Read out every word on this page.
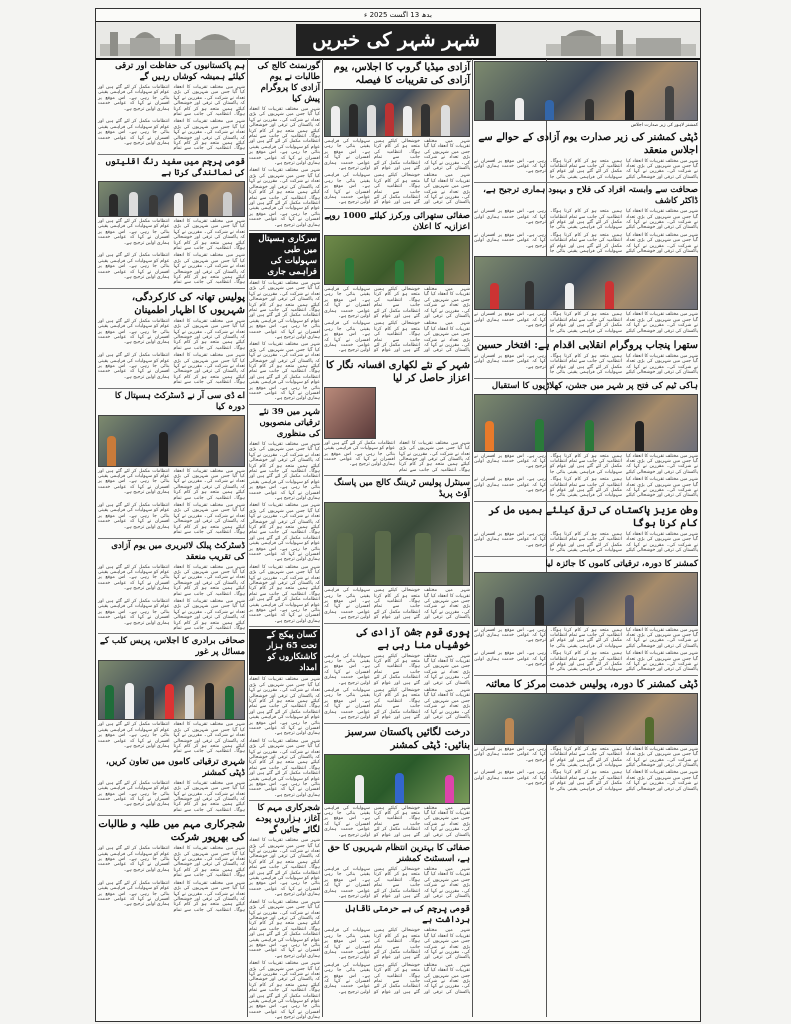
بدھ 13 اگست 2025 ء
شہر شہر کی خبریں
ہم پاکستانیوں کی حفاظت اور ترقی کیلئے ہمیشہ کوشاں رہیں گے
شہر میں مختلف تقریبات کا انعقاد کیا گیا جس میں شہریوں کی بڑی تعداد نے شرکت کی۔ مقررین نے کہا کہ پاکستان کی ترقی اور خوشحالی کیلئے ہمیں متحد ہو کر کام کرنا ہوگا۔ انتظامیہ کی جانب سے تمام انتظامات مکمل کر لئے گئے ہیں اور عوام کو سہولیات کی فراہمی یقینی بنائی جا رہی ہے۔ اس موقع پر افسران نے کہا کہ عوامی خدمت ہماری اولین ترجیح ہے۔
شہر میں مختلف تقریبات کا انعقاد کیا گیا جس میں شہریوں کی بڑی تعداد نے شرکت کی۔ مقررین نے کہا کہ پاکستان کی ترقی اور خوشحالی کیلئے ہمیں متحد ہو کر کام کرنا ہوگا۔ انتظامیہ کی جانب سے تمام انتظامات مکمل کر لئے گئے ہیں اور عوام کو سہولیات کی فراہمی یقینی بنائی جا رہی ہے۔ اس موقع پر افسران نے کہا کہ عوامی خدمت ہماری اولین ترجیح ہے۔
قومی پرچم میں سفید رنگ اقلیتوں کی نمائندگی کرتا ہے
شہر میں مختلف تقریبات کا انعقاد کیا گیا جس میں شہریوں کی بڑی تعداد نے شرکت کی۔ مقررین نے کہا کہ پاکستان کی ترقی اور خوشحالی کیلئے ہمیں متحد ہو کر کام کرنا ہوگا۔ انتظامیہ کی جانب سے تمام انتظامات مکمل کر لئے گئے ہیں اور عوام کو سہولیات کی فراہمی یقینی بنائی جا رہی ہے۔ اس موقع پر افسران نے کہا کہ عوامی خدمت ہماری اولین ترجیح ہے۔
شہر میں مختلف تقریبات کا انعقاد کیا گیا جس میں شہریوں کی بڑی تعداد نے شرکت کی۔ مقررین نے کہا کہ پاکستان کی ترقی اور خوشحالی کیلئے ہمیں متحد ہو کر کام کرنا ہوگا۔ انتظامیہ کی جانب سے تمام انتظامات مکمل کر لئے گئے ہیں اور عوام کو سہولیات کی فراہمی یقینی بنائی جا رہی ہے۔ اس موقع پر افسران نے کہا کہ عوامی خدمت ہماری اولین ترجیح ہے۔
پولیس تھانہ کی کارکردگی، شہریوں کا اظہار اطمینان
شہر میں مختلف تقریبات کا انعقاد کیا گیا جس میں شہریوں کی بڑی تعداد نے شرکت کی۔ مقررین نے کہا کہ پاکستان کی ترقی اور خوشحالی کیلئے ہمیں متحد ہو کر کام کرنا ہوگا۔ انتظامیہ کی جانب سے تمام انتظامات مکمل کر لئے گئے ہیں اور عوام کو سہولیات کی فراہمی یقینی بنائی جا رہی ہے۔ اس موقع پر افسران نے کہا کہ عوامی خدمت ہماری اولین ترجیح ہے۔
شہر میں مختلف تقریبات کا انعقاد کیا گیا جس میں شہریوں کی بڑی تعداد نے شرکت کی۔ مقررین نے کہا کہ پاکستان کی ترقی اور خوشحالی کیلئے ہمیں متحد ہو کر کام کرنا ہوگا۔ انتظامیہ کی جانب سے تمام انتظامات مکمل کر لئے گئے ہیں اور عوام کو سہولیات کی فراہمی یقینی بنائی جا رہی ہے۔ اس موقع پر افسران نے کہا کہ عوامی خدمت ہماری اولین ترجیح ہے۔
اے ڈی سی آر نے ڈسٹرکٹ ہسپتال کا دورہ کیا
شہر میں مختلف تقریبات کا انعقاد کیا گیا جس میں شہریوں کی بڑی تعداد نے شرکت کی۔ مقررین نے کہا کہ پاکستان کی ترقی اور خوشحالی کیلئے ہمیں متحد ہو کر کام کرنا ہوگا۔ انتظامیہ کی جانب سے تمام انتظامات مکمل کر لئے گئے ہیں اور عوام کو سہولیات کی فراہمی یقینی بنائی جا رہی ہے۔ اس موقع پر افسران نے کہا کہ عوامی خدمت ہماری اولین ترجیح ہے۔
شہر میں مختلف تقریبات کا انعقاد کیا گیا جس میں شہریوں کی بڑی تعداد نے شرکت کی۔ مقررین نے کہا کہ پاکستان کی ترقی اور خوشحالی کیلئے ہمیں متحد ہو کر کام کرنا ہوگا۔ انتظامیہ کی جانب سے تمام انتظامات مکمل کر لئے گئے ہیں اور عوام کو سہولیات کی فراہمی یقینی بنائی جا رہی ہے۔ اس موقع پر افسران نے کہا کہ عوامی خدمت ہماری اولین ترجیح ہے۔
ڈسٹرکٹ پبلک لائبریری میں یوم آزادی کی تقریب منعقد
شہر میں مختلف تقریبات کا انعقاد کیا گیا جس میں شہریوں کی بڑی تعداد نے شرکت کی۔ مقررین نے کہا کہ پاکستان کی ترقی اور خوشحالی کیلئے ہمیں متحد ہو کر کام کرنا ہوگا۔ انتظامیہ کی جانب سے تمام انتظامات مکمل کر لئے گئے ہیں اور عوام کو سہولیات کی فراہمی یقینی بنائی جا رہی ہے۔ اس موقع پر افسران نے کہا کہ عوامی خدمت ہماری اولین ترجیح ہے۔
شہر میں مختلف تقریبات کا انعقاد کیا گیا جس میں شہریوں کی بڑی تعداد نے شرکت کی۔ مقررین نے کہا کہ پاکستان کی ترقی اور خوشحالی کیلئے ہمیں متحد ہو کر کام کرنا ہوگا۔ انتظامیہ کی جانب سے تمام انتظامات مکمل کر لئے گئے ہیں اور عوام کو سہولیات کی فراہمی یقینی بنائی جا رہی ہے۔ اس موقع پر افسران نے کہا کہ عوامی خدمت ہماری اولین ترجیح ہے۔
صحافی برادری کا اجلاس، پریس کلب کے مسائل پر غور
شہر میں مختلف تقریبات کا انعقاد کیا گیا جس میں شہریوں کی بڑی تعداد نے شرکت کی۔ مقررین نے کہا کہ پاکستان کی ترقی اور خوشحالی کیلئے ہمیں متحد ہو کر کام کرنا ہوگا۔ انتظامیہ کی جانب سے تمام انتظامات مکمل کر لئے گئے ہیں اور عوام کو سہولیات کی فراہمی یقینی بنائی جا رہی ہے۔ اس موقع پر افسران نے کہا کہ عوامی خدمت ہماری اولین ترجیح ہے۔
شہری ترقیاتی کاموں میں تعاون کریں، ڈپٹی کمشنر
شہر میں مختلف تقریبات کا انعقاد کیا گیا جس میں شہریوں کی بڑی تعداد نے شرکت کی۔ مقررین نے کہا کہ پاکستان کی ترقی اور خوشحالی کیلئے ہمیں متحد ہو کر کام کرنا ہوگا۔ انتظامیہ کی جانب سے تمام انتظامات مکمل کر لئے گئے ہیں اور عوام کو سہولیات کی فراہمی یقینی بنائی جا رہی ہے۔ اس موقع پر افسران نے کہا کہ عوامی خدمت ہماری اولین ترجیح ہے۔
شجرکاری مہم میں طلبہ و طالبات کی بھرپور شرکت
شہر میں مختلف تقریبات کا انعقاد کیا گیا جس میں شہریوں کی بڑی تعداد نے شرکت کی۔ مقررین نے کہا کہ پاکستان کی ترقی اور خوشحالی کیلئے ہمیں متحد ہو کر کام کرنا ہوگا۔ انتظامیہ کی جانب سے تمام انتظامات مکمل کر لئے گئے ہیں اور عوام کو سہولیات کی فراہمی یقینی بنائی جا رہی ہے۔ اس موقع پر افسران نے کہا کہ عوامی خدمت ہماری اولین ترجیح ہے۔
شہر میں مختلف تقریبات کا انعقاد کیا گیا جس میں شہریوں کی بڑی تعداد نے شرکت کی۔ مقررین نے کہا کہ پاکستان کی ترقی اور خوشحالی کیلئے ہمیں متحد ہو کر کام کرنا ہوگا۔ انتظامیہ کی جانب سے تمام انتظامات مکمل کر لئے گئے ہیں اور عوام کو سہولیات کی فراہمی یقینی بنائی جا رہی ہے۔ اس موقع پر افسران نے کہا کہ عوامی خدمت ہماری اولین ترجیح ہے۔
گورنمنٹ کالج کی طالبات نے یوم آزادی کا پروگرام پیش کیا
شہر میں مختلف تقریبات کا انعقاد کیا گیا جس میں شہریوں کی بڑی تعداد نے شرکت کی۔ مقررین نے کہا کہ پاکستان کی ترقی اور خوشحالی کیلئے ہمیں متحد ہو کر کام کرنا ہوگا۔ انتظامیہ کی جانب سے تمام انتظامات مکمل کر لئے گئے ہیں اور عوام کو سہولیات کی فراہمی یقینی بنائی جا رہی ہے۔ اس موقع پر افسران نے کہا کہ عوامی خدمت ہماری اولین ترجیح ہے۔
شہر میں مختلف تقریبات کا انعقاد کیا گیا جس میں شہریوں کی بڑی تعداد نے شرکت کی۔ مقررین نے کہا کہ پاکستان کی ترقی اور خوشحالی کیلئے ہمیں متحد ہو کر کام کرنا ہوگا۔ انتظامیہ کی جانب سے تمام انتظامات مکمل کر لئے گئے ہیں اور عوام کو سہولیات کی فراہمی یقینی بنائی جا رہی ہے۔ اس موقع پر افسران نے کہا کہ عوامی خدمت ہماری اولین ترجیح ہے۔
سرکاری ہسپتال میں طبی سہولیات کی فراہمی جاری
شہر میں مختلف تقریبات کا انعقاد کیا گیا جس میں شہریوں کی بڑی تعداد نے شرکت کی۔ مقررین نے کہا کہ پاکستان کی ترقی اور خوشحالی کیلئے ہمیں متحد ہو کر کام کرنا ہوگا۔ انتظامیہ کی جانب سے تمام انتظامات مکمل کر لئے گئے ہیں اور عوام کو سہولیات کی فراہمی یقینی بنائی جا رہی ہے۔ اس موقع پر افسران نے کہا کہ عوامی خدمت ہماری اولین ترجیح ہے۔
شہر میں مختلف تقریبات کا انعقاد کیا گیا جس میں شہریوں کی بڑی تعداد نے شرکت کی۔ مقررین نے کہا کہ پاکستان کی ترقی اور خوشحالی کیلئے ہمیں متحد ہو کر کام کرنا ہوگا۔ انتظامیہ کی جانب سے تمام انتظامات مکمل کر لئے گئے ہیں اور عوام کو سہولیات کی فراہمی یقینی بنائی جا رہی ہے۔ اس موقع پر افسران نے کہا کہ عوامی خدمت ہماری اولین ترجیح ہے۔
شہر میں 39 نئے ترقیاتی منصوبوں کی منظوری
شہر میں مختلف تقریبات کا انعقاد کیا گیا جس میں شہریوں کی بڑی تعداد نے شرکت کی۔ مقررین نے کہا کہ پاکستان کی ترقی اور خوشحالی کیلئے ہمیں متحد ہو کر کام کرنا ہوگا۔ انتظامیہ کی جانب سے تمام انتظامات مکمل کر لئے گئے ہیں اور عوام کو سہولیات کی فراہمی یقینی بنائی جا رہی ہے۔ اس موقع پر افسران نے کہا کہ عوامی خدمت ہماری اولین ترجیح ہے۔
شہر میں مختلف تقریبات کا انعقاد کیا گیا جس میں شہریوں کی بڑی تعداد نے شرکت کی۔ مقررین نے کہا کہ پاکستان کی ترقی اور خوشحالی کیلئے ہمیں متحد ہو کر کام کرنا ہوگا۔ انتظامیہ کی جانب سے تمام انتظامات مکمل کر لئے گئے ہیں اور عوام کو سہولیات کی فراہمی یقینی بنائی جا رہی ہے۔ اس موقع پر افسران نے کہا کہ عوامی خدمت ہماری اولین ترجیح ہے۔
شہر میں مختلف تقریبات کا انعقاد کیا گیا جس میں شہریوں کی بڑی تعداد نے شرکت کی۔ مقررین نے کہا کہ پاکستان کی ترقی اور خوشحالی کیلئے ہمیں متحد ہو کر کام کرنا ہوگا۔ انتظامیہ کی جانب سے تمام انتظامات مکمل کر لئے گئے ہیں اور عوام کو سہولیات کی فراہمی یقینی بنائی جا رہی ہے۔ اس موقع پر افسران نے کہا کہ عوامی خدمت ہماری اولین ترجیح ہے۔
کسان پیکج کے تحت 65 ہزار کاشتکاروں کو امداد
شہر میں مختلف تقریبات کا انعقاد کیا گیا جس میں شہریوں کی بڑی تعداد نے شرکت کی۔ مقررین نے کہا کہ پاکستان کی ترقی اور خوشحالی کیلئے ہمیں متحد ہو کر کام کرنا ہوگا۔ انتظامیہ کی جانب سے تمام انتظامات مکمل کر لئے گئے ہیں اور عوام کو سہولیات کی فراہمی یقینی بنائی جا رہی ہے۔ اس موقع پر افسران نے کہا کہ عوامی خدمت ہماری اولین ترجیح ہے۔
شہر میں مختلف تقریبات کا انعقاد کیا گیا جس میں شہریوں کی بڑی تعداد نے شرکت کی۔ مقررین نے کہا کہ پاکستان کی ترقی اور خوشحالی کیلئے ہمیں متحد ہو کر کام کرنا ہوگا۔ انتظامیہ کی جانب سے تمام انتظامات مکمل کر لئے گئے ہیں اور عوام کو سہولیات کی فراہمی یقینی بنائی جا رہی ہے۔ اس موقع پر افسران نے کہا کہ عوامی خدمت ہماری اولین ترجیح ہے۔
شجرکاری مہم کا آغاز، ہزاروں پودے لگائے جائیں گے
شہر میں مختلف تقریبات کا انعقاد کیا گیا جس میں شہریوں کی بڑی تعداد نے شرکت کی۔ مقررین نے کہا کہ پاکستان کی ترقی اور خوشحالی کیلئے ہمیں متحد ہو کر کام کرنا ہوگا۔ انتظامیہ کی جانب سے تمام انتظامات مکمل کر لئے گئے ہیں اور عوام کو سہولیات کی فراہمی یقینی بنائی جا رہی ہے۔ اس موقع پر افسران نے کہا کہ عوامی خدمت ہماری اولین ترجیح ہے۔
شہر میں مختلف تقریبات کا انعقاد کیا گیا جس میں شہریوں کی بڑی تعداد نے شرکت کی۔ مقررین نے کہا کہ پاکستان کی ترقی اور خوشحالی کیلئے ہمیں متحد ہو کر کام کرنا ہوگا۔ انتظامیہ کی جانب سے تمام انتظامات مکمل کر لئے گئے ہیں اور عوام کو سہولیات کی فراہمی یقینی بنائی جا رہی ہے۔ اس موقع پر افسران نے کہا کہ عوامی خدمت ہماری اولین ترجیح ہے۔
شہر میں مختلف تقریبات کا انعقاد کیا گیا جس میں شہریوں کی بڑی تعداد نے شرکت کی۔ مقررین نے کہا کہ پاکستان کی ترقی اور خوشحالی کیلئے ہمیں متحد ہو کر کام کرنا ہوگا۔ انتظامیہ کی جانب سے تمام انتظامات مکمل کر لئے گئے ہیں اور عوام کو سہولیات کی فراہمی یقینی بنائی جا رہی ہے۔ اس موقع پر افسران نے کہا کہ عوامی خدمت ہماری اولین ترجیح ہے۔
آزادی میڈیا گروپ کا اجلاس، یوم آزادی کی تقریبات کا فیصلہ
شہر میں مختلف تقریبات کا انعقاد کیا گیا جس میں شہریوں کی بڑی تعداد نے شرکت کی۔ مقررین نے کہا کہ پاکستان کی ترقی اور خوشحالی کیلئے ہمیں متحد ہو کر کام کرنا ہوگا۔ انتظامیہ کی جانب سے تمام انتظامات مکمل کر لئے گئے ہیں اور عوام کو سہولیات کی فراہمی یقینی بنائی جا رہی ہے۔ اس موقع پر افسران نے کہا کہ عوامی خدمت ہماری اولین ترجیح ہے۔
شہر میں مختلف تقریبات کا انعقاد کیا گیا جس میں شہریوں کی بڑی تعداد نے شرکت کی۔ مقررین نے کہا کہ پاکستان کی ترقی اور خوشحالی کیلئے ہمیں متحد ہو کر کام کرنا ہوگا۔ انتظامیہ کی جانب سے تمام انتظامات مکمل کر لئے گئے ہیں اور عوام کو سہولیات کی فراہمی یقینی بنائی جا رہی ہے۔ اس موقع پر افسران نے کہا کہ عوامی خدمت ہماری اولین ترجیح ہے۔
صفائی ستھرائی ورکرز کیلئے 1000 روپے اعزازیہ کا اعلان
شہر میں مختلف تقریبات کا انعقاد کیا گیا جس میں شہریوں کی بڑی تعداد نے شرکت کی۔ مقررین نے کہا کہ پاکستان کی ترقی اور خوشحالی کیلئے ہمیں متحد ہو کر کام کرنا ہوگا۔ انتظامیہ کی جانب سے تمام انتظامات مکمل کر لئے گئے ہیں اور عوام کو سہولیات کی فراہمی یقینی بنائی جا رہی ہے۔ اس موقع پر افسران نے کہا کہ عوامی خدمت ہماری اولین ترجیح ہے۔
شہر میں مختلف تقریبات کا انعقاد کیا گیا جس میں شہریوں کی بڑی تعداد نے شرکت کی۔ مقررین نے کہا کہ پاکستان کی ترقی اور خوشحالی کیلئے ہمیں متحد ہو کر کام کرنا ہوگا۔ انتظامیہ کی جانب سے تمام انتظامات مکمل کر لئے گئے ہیں اور عوام کو سہولیات کی فراہمی یقینی بنائی جا رہی ہے۔ اس موقع پر افسران نے کہا کہ عوامی خدمت ہماری اولین ترجیح ہے۔
شہر کے نئے لکھاری افسانہ نگار کا اعزاز حاصل کر لیا
شہر میں مختلف تقریبات کا انعقاد کیا گیا جس میں شہریوں کی بڑی تعداد نے شرکت کی۔ مقررین نے کہا کہ پاکستان کی ترقی اور خوشحالی کیلئے ہمیں متحد ہو کر کام کرنا ہوگا۔ انتظامیہ کی جانب سے تمام انتظامات مکمل کر لئے گئے ہیں اور عوام کو سہولیات کی فراہمی یقینی بنائی جا رہی ہے۔ اس موقع پر افسران نے کہا کہ عوامی خدمت ہماری اولین ترجیح ہے۔
سینٹرل پولیس ٹریننگ کالج میں پاسنگ آؤٹ پریڈ
شہر میں مختلف تقریبات کا انعقاد کیا گیا جس میں شہریوں کی بڑی تعداد نے شرکت کی۔ مقررین نے کہا کہ پاکستان کی ترقی اور خوشحالی کیلئے ہمیں متحد ہو کر کام کرنا ہوگا۔ انتظامیہ کی جانب سے تمام انتظامات مکمل کر لئے گئے ہیں اور عوام کو سہولیات کی فراہمی یقینی بنائی جا رہی ہے۔ اس موقع پر افسران نے کہا کہ عوامی خدمت ہماری اولین ترجیح ہے۔
پوری قوم جشن آزادی کی خوشیاں منا رہی ہے
شہر میں مختلف تقریبات کا انعقاد کیا گیا جس میں شہریوں کی بڑی تعداد نے شرکت کی۔ مقررین نے کہا کہ پاکستان کی ترقی اور خوشحالی کیلئے ہمیں متحد ہو کر کام کرنا ہوگا۔ انتظامیہ کی جانب سے تمام انتظامات مکمل کر لئے گئے ہیں اور عوام کو سہولیات کی فراہمی یقینی بنائی جا رہی ہے۔ اس موقع پر افسران نے کہا کہ عوامی خدمت ہماری اولین ترجیح ہے۔
شہر میں مختلف تقریبات کا انعقاد کیا گیا جس میں شہریوں کی بڑی تعداد نے شرکت کی۔ مقررین نے کہا کہ پاکستان کی ترقی اور خوشحالی کیلئے ہمیں متحد ہو کر کام کرنا ہوگا۔ انتظامیہ کی جانب سے تمام انتظامات مکمل کر لئے گئے ہیں اور عوام کو سہولیات کی فراہمی یقینی بنائی جا رہی ہے۔ اس موقع پر افسران نے کہا کہ عوامی خدمت ہماری اولین ترجیح ہے۔
درخت لگائیں پاکستان سرسبز بنائیں: ڈپٹی کمشنر
شہر میں مختلف تقریبات کا انعقاد کیا گیا جس میں شہریوں کی بڑی تعداد نے شرکت کی۔ مقررین نے کہا کہ پاکستان کی ترقی اور خوشحالی کیلئے ہمیں متحد ہو کر کام کرنا ہوگا۔ انتظامیہ کی جانب سے تمام انتظامات مکمل کر لئے گئے ہیں اور عوام کو سہولیات کی فراہمی یقینی بنائی جا رہی ہے۔ اس موقع پر افسران نے کہا کہ عوامی خدمت ہماری اولین ترجیح ہے۔
صفائی کا بہترین انتظام شہریوں کا حق ہے، اسسٹنٹ کمشنر
شہر میں مختلف تقریبات کا انعقاد کیا گیا جس میں شہریوں کی بڑی تعداد نے شرکت کی۔ مقررین نے کہا کہ پاکستان کی ترقی اور خوشحالی کیلئے ہمیں متحد ہو کر کام کرنا ہوگا۔ انتظامیہ کی جانب سے تمام انتظامات مکمل کر لئے گئے ہیں اور عوام کو سہولیات کی فراہمی یقینی بنائی جا رہی ہے۔ اس موقع پر افسران نے کہا کہ عوامی خدمت ہماری اولین ترجیح ہے۔
قومی پرچم کی بے حرمتی ناقابل برداشت ہے
شہر میں مختلف تقریبات کا انعقاد کیا گیا جس میں شہریوں کی بڑی تعداد نے شرکت کی۔ مقررین نے کہا کہ پاکستان کی ترقی اور خوشحالی کیلئے ہمیں متحد ہو کر کام کرنا ہوگا۔ انتظامیہ کی جانب سے تمام انتظامات مکمل کر لئے گئے ہیں اور عوام کو سہولیات کی فراہمی یقینی بنائی جا رہی ہے۔ اس موقع پر افسران نے کہا کہ عوامی خدمت ہماری اولین ترجیح ہے۔
شہر میں مختلف تقریبات کا انعقاد کیا گیا جس میں شہریوں کی بڑی تعداد نے شرکت کی۔ مقررین نے کہا کہ پاکستان کی ترقی اور خوشحالی کیلئے ہمیں متحد ہو کر کام کرنا ہوگا۔ انتظامیہ کی جانب سے تمام انتظامات مکمل کر لئے گئے ہیں اور عوام کو سہولیات کی فراہمی یقینی بنائی جا رہی ہے۔ اس موقع پر افسران نے کہا کہ عوامی خدمت ہماری اولین ترجیح ہے۔
کمشنر لاہور کی زیر صدارت اجلاس
ڈپٹی کمشنر کی زیر صدارت یوم آزادی کے حوالے سے اجلاس منعقد
شہر میں مختلف تقریبات کا انعقاد کیا گیا جس میں شہریوں کی بڑی تعداد نے شرکت کی۔ مقررین نے کہا کہ پاکستان کی ترقی اور خوشحالی کیلئے ہمیں متحد ہو کر کام کرنا ہوگا۔ انتظامیہ کی جانب سے تمام انتظامات مکمل کر لئے گئے ہیں اور عوام کو سہولیات کی فراہمی یقینی بنائی جا رہی ہے۔ اس موقع پر افسران نے کہا کہ عوامی خدمت ہماری اولین ترجیح ہے۔
صحافت سے وابستہ افراد کی فلاح و بہبود ہماری ترجیح ہے، ڈاکٹر کاشف
شہر میں مختلف تقریبات کا انعقاد کیا گیا جس میں شہریوں کی بڑی تعداد نے شرکت کی۔ مقررین نے کہا کہ پاکستان کی ترقی اور خوشحالی کیلئے ہمیں متحد ہو کر کام کرنا ہوگا۔ انتظامیہ کی جانب سے تمام انتظامات مکمل کر لئے گئے ہیں اور عوام کو سہولیات کی فراہمی یقینی بنائی جا رہی ہے۔ اس موقع پر افسران نے کہا کہ عوامی خدمت ہماری اولین ترجیح ہے۔
شہر میں مختلف تقریبات کا انعقاد کیا گیا جس میں شہریوں کی بڑی تعداد نے شرکت کی۔ مقررین نے کہا کہ پاکستان کی ترقی اور خوشحالی کیلئے ہمیں متحد ہو کر کام کرنا ہوگا۔ انتظامیہ کی جانب سے تمام انتظامات مکمل کر لئے گئے ہیں اور عوام کو سہولیات کی فراہمی یقینی بنائی جا رہی ہے۔ اس موقع پر افسران نے کہا کہ عوامی خدمت ہماری اولین ترجیح ہے۔
شہر میں مختلف تقریبات کا انعقاد کیا گیا جس میں شہریوں کی بڑی تعداد نے شرکت کی۔ مقررین نے کہا کہ پاکستان کی ترقی اور خوشحالی کیلئے ہمیں متحد ہو کر کام کرنا ہوگا۔ انتظامیہ کی جانب سے تمام انتظامات مکمل کر لئے گئے ہیں اور عوام کو سہولیات کی فراہمی یقینی بنائی جا رہی ہے۔ اس موقع پر افسران نے کہا کہ عوامی خدمت ہماری اولین ترجیح ہے۔
ستھرا پنجاب پروگرام انقلابی اقدام ہے: افتخار حسین
شہر میں مختلف تقریبات کا انعقاد کیا گیا جس میں شہریوں کی بڑی تعداد نے شرکت کی۔ مقررین نے کہا کہ پاکستان کی ترقی اور خوشحالی کیلئے ہمیں متحد ہو کر کام کرنا ہوگا۔ انتظامیہ کی جانب سے تمام انتظامات مکمل کر لئے گئے ہیں اور عوام کو سہولیات کی فراہمی یقینی بنائی جا رہی ہے۔ اس موقع پر افسران نے کہا کہ عوامی خدمت ہماری اولین ترجیح ہے۔
ہاکی ٹیم کی فتح پر شہر میں جشن، کھلاڑیوں کا استقبال
شہر میں مختلف تقریبات کا انعقاد کیا گیا جس میں شہریوں کی بڑی تعداد نے شرکت کی۔ مقررین نے کہا کہ پاکستان کی ترقی اور خوشحالی کیلئے ہمیں متحد ہو کر کام کرنا ہوگا۔ انتظامیہ کی جانب سے تمام انتظامات مکمل کر لئے گئے ہیں اور عوام کو سہولیات کی فراہمی یقینی بنائی جا رہی ہے۔ اس موقع پر افسران نے کہا کہ عوامی خدمت ہماری اولین ترجیح ہے۔
شہر میں مختلف تقریبات کا انعقاد کیا گیا جس میں شہریوں کی بڑی تعداد نے شرکت کی۔ مقررین نے کہا کہ پاکستان کی ترقی اور خوشحالی کیلئے ہمیں متحد ہو کر کام کرنا ہوگا۔ انتظامیہ کی جانب سے تمام انتظامات مکمل کر لئے گئے ہیں اور عوام کو سہولیات کی فراہمی یقینی بنائی جا رہی ہے۔ اس موقع پر افسران نے کہا کہ عوامی خدمت ہماری اولین ترجیح ہے۔
وطن عزیز پاکستان کی ترقی کیلئے ہمیں مل کر کام کرنا ہوگا
شہر میں مختلف تقریبات کا انعقاد کیا گیا جس میں شہریوں کی بڑی تعداد نے شرکت کی۔ مقررین نے کہا کہ پاکستان کی ترقی اور خوشحالی کیلئے ہمیں متحد ہو کر کام کرنا ہوگا۔ انتظامیہ کی جانب سے تمام انتظامات مکمل کر لئے گئے ہیں اور عوام کو سہولیات کی فراہمی یقینی بنائی جا رہی ہے۔ اس موقع پر افسران نے کہا کہ عوامی خدمت ہماری اولین ترجیح ہے۔
کمشنر کا دورہ، ترقیاتی کاموں کا جائزہ لیا
شہر میں مختلف تقریبات کا انعقاد کیا گیا جس میں شہریوں کی بڑی تعداد نے شرکت کی۔ مقررین نے کہا کہ پاکستان کی ترقی اور خوشحالی کیلئے ہمیں متحد ہو کر کام کرنا ہوگا۔ انتظامیہ کی جانب سے تمام انتظامات مکمل کر لئے گئے ہیں اور عوام کو سہولیات کی فراہمی یقینی بنائی جا رہی ہے۔ اس موقع پر افسران نے کہا کہ عوامی خدمت ہماری اولین ترجیح ہے۔
شہر میں مختلف تقریبات کا انعقاد کیا گیا جس میں شہریوں کی بڑی تعداد نے شرکت کی۔ مقررین نے کہا کہ پاکستان کی ترقی اور خوشحالی کیلئے ہمیں متحد ہو کر کام کرنا ہوگا۔ انتظامیہ کی جانب سے تمام انتظامات مکمل کر لئے گئے ہیں اور عوام کو سہولیات کی فراہمی یقینی بنائی جا رہی ہے۔ اس موقع پر افسران نے کہا کہ عوامی خدمت ہماری اولین ترجیح ہے۔
ڈپٹی کمشنر کا دورہ، پولیس خدمت مرکز کا معائنہ
شہر میں مختلف تقریبات کا انعقاد کیا گیا جس میں شہریوں کی بڑی تعداد نے شرکت کی۔ مقررین نے کہا کہ پاکستان کی ترقی اور خوشحالی کیلئے ہمیں متحد ہو کر کام کرنا ہوگا۔ انتظامیہ کی جانب سے تمام انتظامات مکمل کر لئے گئے ہیں اور عوام کو سہولیات کی فراہمی یقینی بنائی جا رہی ہے۔ اس موقع پر افسران نے کہا کہ عوامی خدمت ہماری اولین ترجیح ہے۔
شہر میں مختلف تقریبات کا انعقاد کیا گیا جس میں شہریوں کی بڑی تعداد نے شرکت کی۔ مقررین نے کہا کہ پاکستان کی ترقی اور خوشحالی کیلئے ہمیں متحد ہو کر کام کرنا ہوگا۔ انتظامیہ کی جانب سے تمام انتظامات مکمل کر لئے گئے ہیں اور عوام کو سہولیات کی فراہمی یقینی بنائی جا رہی ہے۔ اس موقع پر افسران نے کہا کہ عوامی خدمت ہماری اولین ترجیح ہے۔
